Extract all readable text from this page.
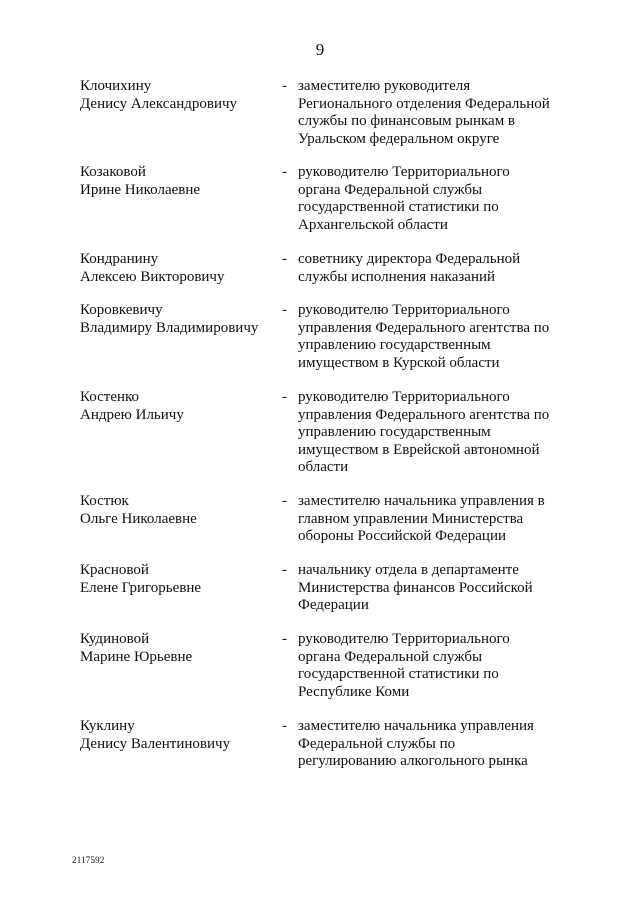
9
Клочихину
Денису Александровичу
- заместителю руководителя
Регионального отделения Федеральной
службы по финансовым рынкам в
Уральском федеральном округе
Козаковой
Ирине Николаевне
- руководителю Территориального
органа Федеральной службы
государственной статистики по
Архангельской области
Кондранину
Алексею Викторовичу
- советнику директора Федеральной
службы исполнения наказаний
Коровкевичу
Владимиру Владимировичу
- руководителю Территориального
управления Федерального агентства по
управлению государственным
имуществом в Курской области
Костенко
Андрею Ильичу
- руководителю Территориального
управления Федерального агентства по
управлению государственным
имуществом в Еврейской автономной
области
Костюк
Ольге Николаевне
- заместителю начальника управления в
главном управлении Министерства
обороны Российской Федерации
Красновой
Елене Григорьевне
- начальнику отдела в департаменте
Министерства финансов Российской
Федерации
Кудиновой
Марине Юрьевне
- руководителю Территориального
органа Федеральной службы
государственной статистики по
Республике Коми
Куклину
Денису Валентиновичу
- заместителю начальника управления
Федеральной службы по
регулированию алкогольного рынка
2117592
